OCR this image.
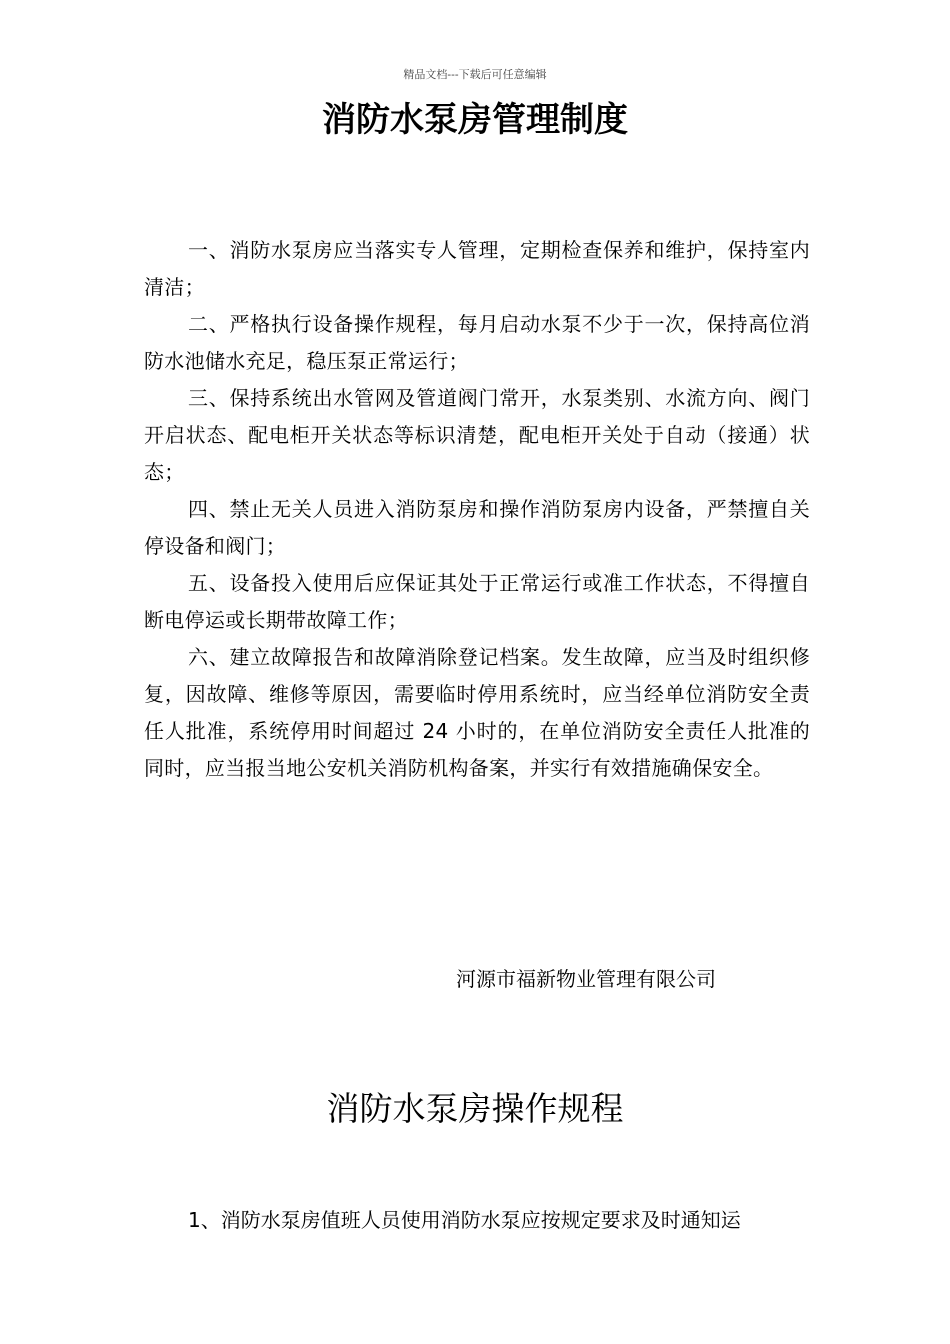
精品文档---下载后可任意编辑
消防水泵房管理制度

一、消防水泵房应当落实专人管理，定期检查保养和维护，保持室内清洁；

二、严格执行设备操作规程，每月启动水泵不少于一次，保持高位消防水池储水充足，稳压泵正常运行；

三、保持系统出水管网及管道阀门常开，水泵类别、水流方向、阀门开启状态、配电柜开关状态等标识清楚，配电柜开关处于自动（接通）状态；

四、禁止无关人员进入消防泵房和操作消防泵房内设备，严禁擅自关停设备和阀门；

五、设备投入使用后应保证其处于正常运行或准工作状态，不得擅自断电停运或长期带故障工作；

六、建立故障报告和故障消除登记档案。发生故障，应当及时组织修复，因故障、维修等原因，需要临时停用系统时，应当经单位消防安全责任人批准，系统停用时间超过 24 小时的，在单位消防安全责任人批准的同时，应当报当地公安机关消防机构备案，并实行有效措施确保安全。

河源市福新物业管理有限公司
消防水泵房操作规程

1、消防水泵房值班人员使用消防水泵应按规定要求及时通知运
